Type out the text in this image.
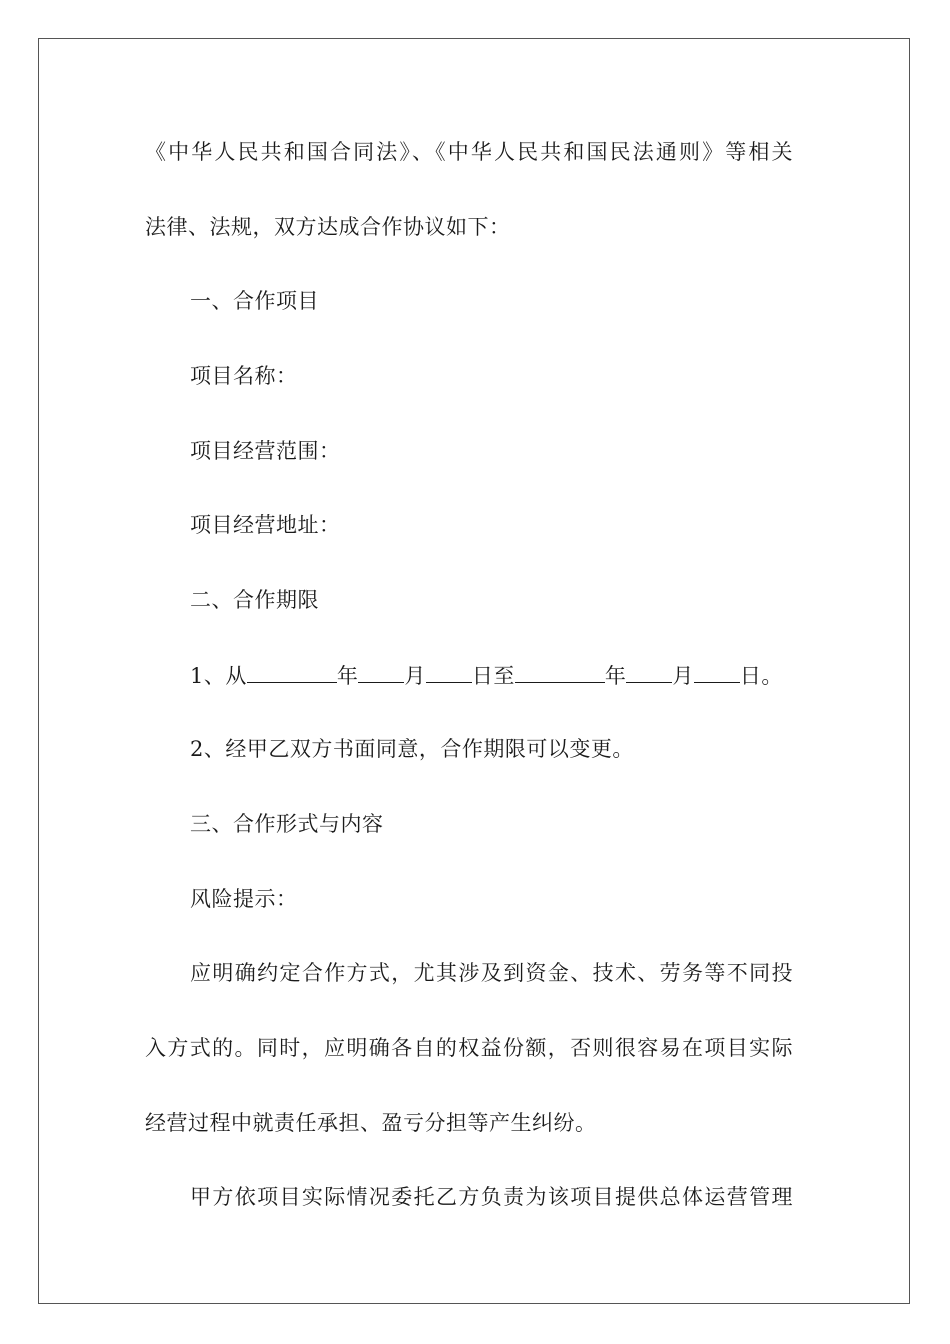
《中华人民共和国合同法》、《中华人民共和国民法通则》等相关
法律、法规，双方达成合作协议如下：
一、合作项目
项目名称：
项目经营范围：
项目经营地址：
二、合作期限
1、从	年 月 日至	年 月 日。
2、经甲乙双方书面同意，合作期限可以变更。
三、合作形式与内容
风险提示：
应明确约定合作方式，尤其涉及到资金、技术、劳务等不同投
入方式的。同时，应明确各自的权益份额，否则很容易在项目实际
经营过程中就责任承担、盈亏分担等产生纠纷。
甲方依项目实际情况委托乙方负责为该项目提供总体运营管理
